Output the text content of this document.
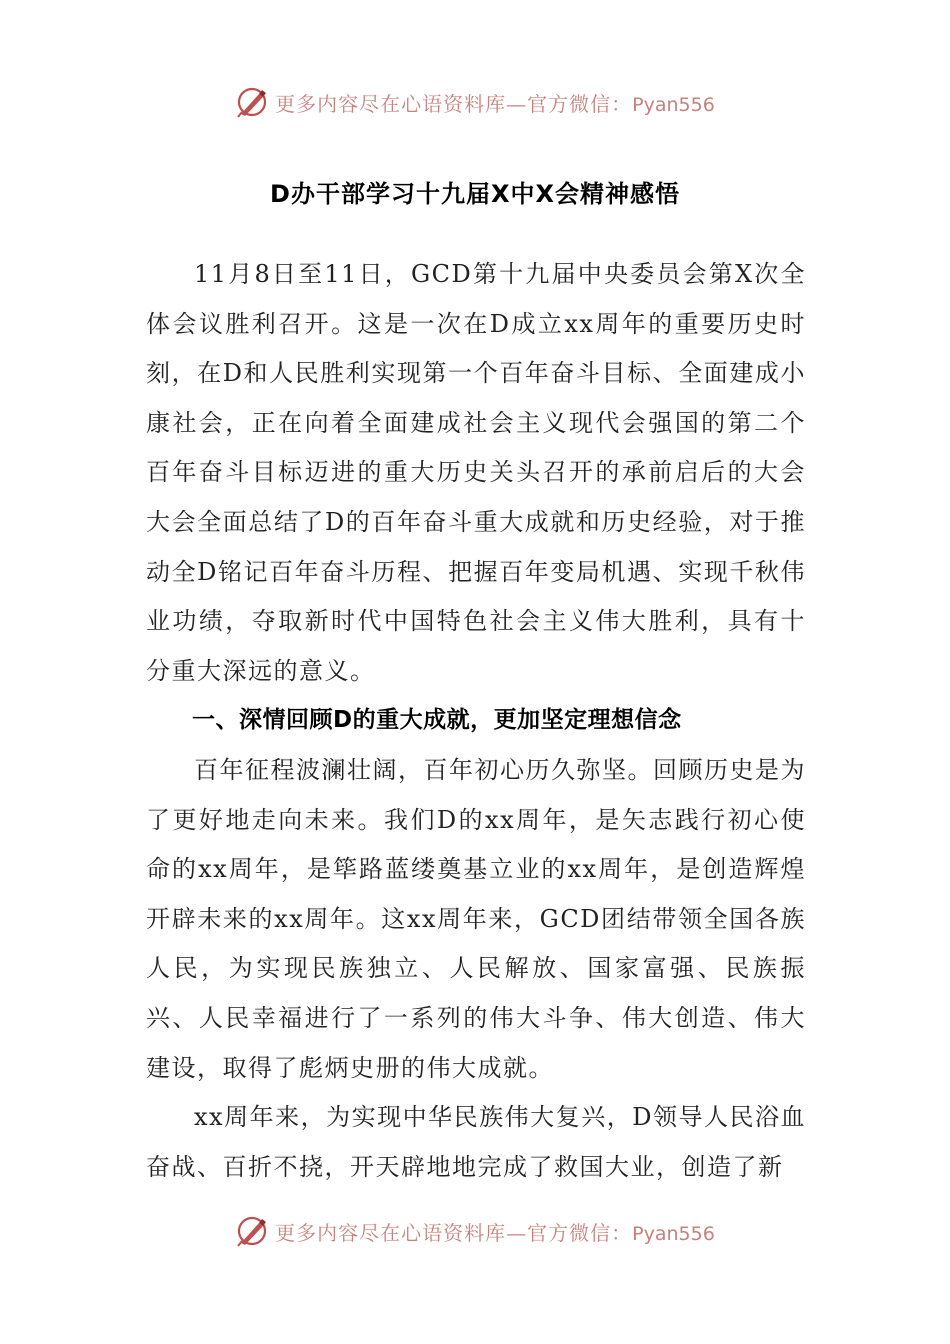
更多内容尽在心语资料库—官方微信：Pyan556
D办干部学习十九届X中X会精神感悟

11月8日至11日，GCD第十九届中央委员会第X次全体会议胜利召开。这是一次在D成立xx周年的重要历史时刻，在D和人民胜利实现第一个百年奋斗目标、全面建成小康社会，正在向着全面建成社会主义现代会强国的第二个百年奋斗目标迈进的重大历史关头召开的承前启后的大会大会全面总结了D的百年奋斗重大成就和历史经验，对于推动全D铭记百年奋斗历程、把握百年变局机遇、实现千秋伟业功绩，夺取新时代中国特色社会主义伟大胜利，具有十分重大深远的意义。

一、深情回顾D的重大成就，更加坚定理想信念

百年征程波澜壮阔，百年初心历久弥坚。回顾历史是为了更好地走向未来。我们D的xx周年，是矢志践行初心使命的xx周年，是筚路蓝缕奠基立业的xx周年，是创造辉煌开辟未来的xx周年。这xx周年来，GCD团结带领全国各族人民，为实现民族独立、人民解放、国家富强、民族振兴、人民幸福进行了一系列的伟大斗争、伟大创造、伟大建设，取得了彪炳史册的伟大成就。

xx周年来，为实现中华民族伟大复兴，D领导人民浴血奋战、百折不挠，开天辟地地完成了救国大业，创造了新

更多内容尽在心语资料库—官方微信：Pyan556
